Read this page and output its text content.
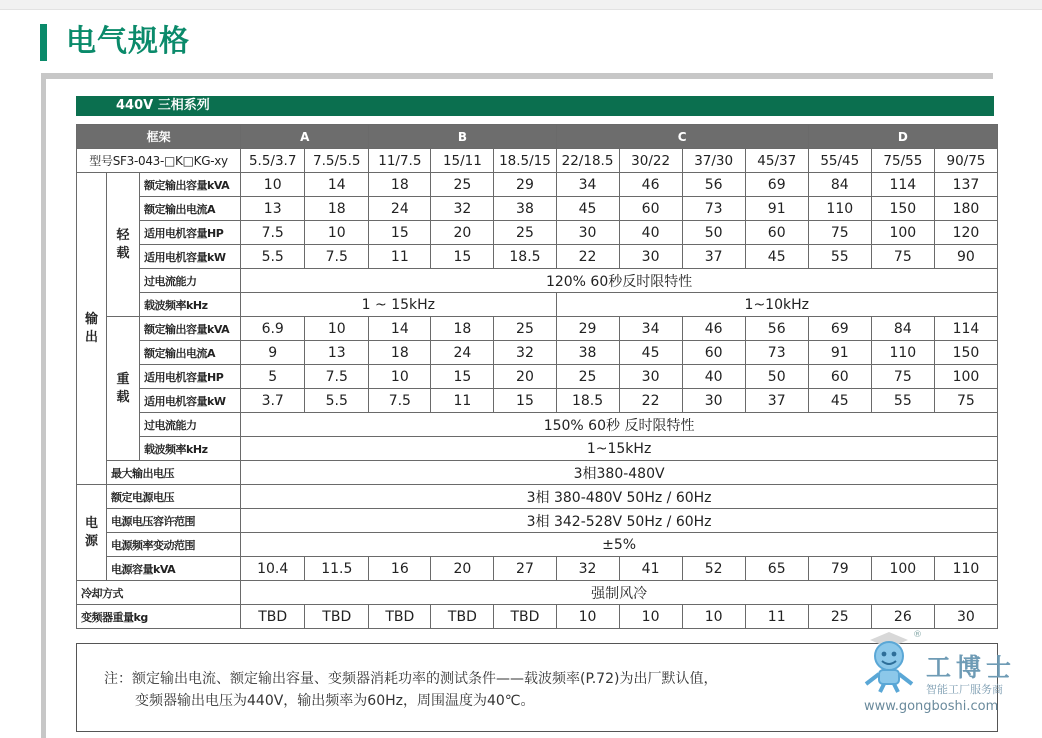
电气规格
440V 三相系列
框架			A		B			C				D		
型号SF3-043-□K□KG-xy			5.5/3.7	7.5/5.5	11/7.5	15/11	18.5/15	22/18.5	30/22	37/30	45/37	55/45	75/55	90/75
输出	轻载	额定输出容量kVA	10	14	18	25	29	34	46	56	69	84	114	137
		额定输出电流A	13	18	24	32	38	45	60	73	91	110	150	180
		适用电机容量HP	7.5	10	15	20	25	30	40	50	60	75	100	120
		适用电机容量kW	5.5	7.5	11	15	18.5	22	30	37	45	55	75	90
		过电流能力	120% 60秒反时限特性											
		载波频率kHz	1 ~ 15kHz					1~10kHz						
	重载	额定输出容量kVA	6.9	10	14	18	25	29	34	46	56	69	84	114
		额定输出电流A	9	13	18	24	32	38	45	60	73	91	110	150
		适用电机容量HP	5	7.5	10	15	20	25	30	40	50	60	75	100
		适用电机容量kW	3.7	5.5	7.5	11	15	18.5	22	30	37	45	55	75
		过电流能力	150% 60秒 反时限特性											
		载波频率kHz	1~15kHz											
	最大输出电压		3相380-480V											
电源	额定电源电压		3相 380-480V 50Hz / 60Hz											
	电源电压容许范围		3相 342-528V 50Hz / 60Hz											
	电源频率变动范围		±5%											
	电源容量kVA		10.4	11.5	16	20	27	32	41	52	65	79	100	110
冷却方式			强制风冷											
变频器重量kg			TBD	TBD	TBD	TBD	TBD	10	10	10	11	25	26	30
注：额定输出电流、额定输出容量、变频器消耗功率的测试条件——载波频率(P.72)为出厂默认值，
变频器输出电压为440V，输出频率为60Hz，周围温度为40℃。
®
工博士
智能工厂服务商
www.gongboshi.com
